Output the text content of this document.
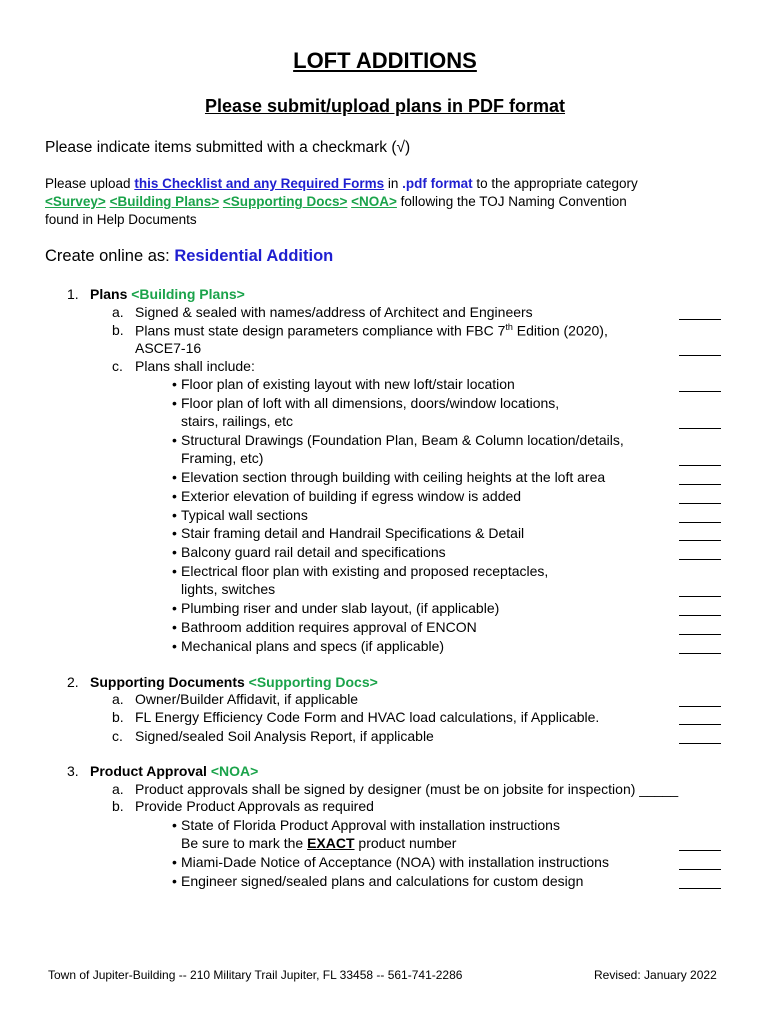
LOFT ADDITIONS
Please submit/upload plans in PDF format
Please indicate items submitted with a checkmark (√)
Please upload this Checklist and any Required Forms in .pdf format to the appropriate category
<Survey> <Building Plans> <Supporting Docs> <NOA> following the TOJ Naming Convention
found in Help Documents
Create online as: Residential Addition
1. Plans <Building Plans>
a. Signed & sealed with names/address of Architect and Engineers
b. Plans must state design parameters compliance with FBC 7th Edition (2020),
ASCE7-16
c. Plans shall include:
• Floor plan of existing layout with new loft/stair location
• Floor plan of loft with all dimensions, doors/window locations,
stairs, railings, etc
• Structural Drawings (Foundation Plan, Beam & Column location/details,
Framing, etc)
• Elevation section through building with ceiling heights at the loft area
• Exterior elevation of building if egress window is added
• Typical wall sections
• Stair framing detail and Handrail Specifications & Detail
• Balcony guard rail detail and specifications
• Electrical floor plan with existing and proposed receptacles,
lights, switches
• Plumbing riser and under slab layout, (if applicable)
• Bathroom addition requires approval of ENCON
• Mechanical plans and specs (if applicable)
2. Supporting Documents <Supporting Docs>
a. Owner/Builder Affidavit, if applicable
b. FL Energy Efficiency Code Form and HVAC load calculations, if Applicable.
c. Signed/sealed Soil Analysis Report, if applicable
3. Product Approval <NOA>
a. Product approvals shall be signed by designer (must be on jobsite for inspection) _____
b. Provide Product Approvals as required
• State of Florida Product Approval with installation instructions
Be sure to mark the EXACT product number
• Miami-Dade Notice of Acceptance (NOA) with installation instructions
• Engineer signed/sealed plans and calculations for custom design
Town of Jupiter-Building -- 210 Military Trail Jupiter, FL 33458 -- 561-741-2286	Revised: January 2022
